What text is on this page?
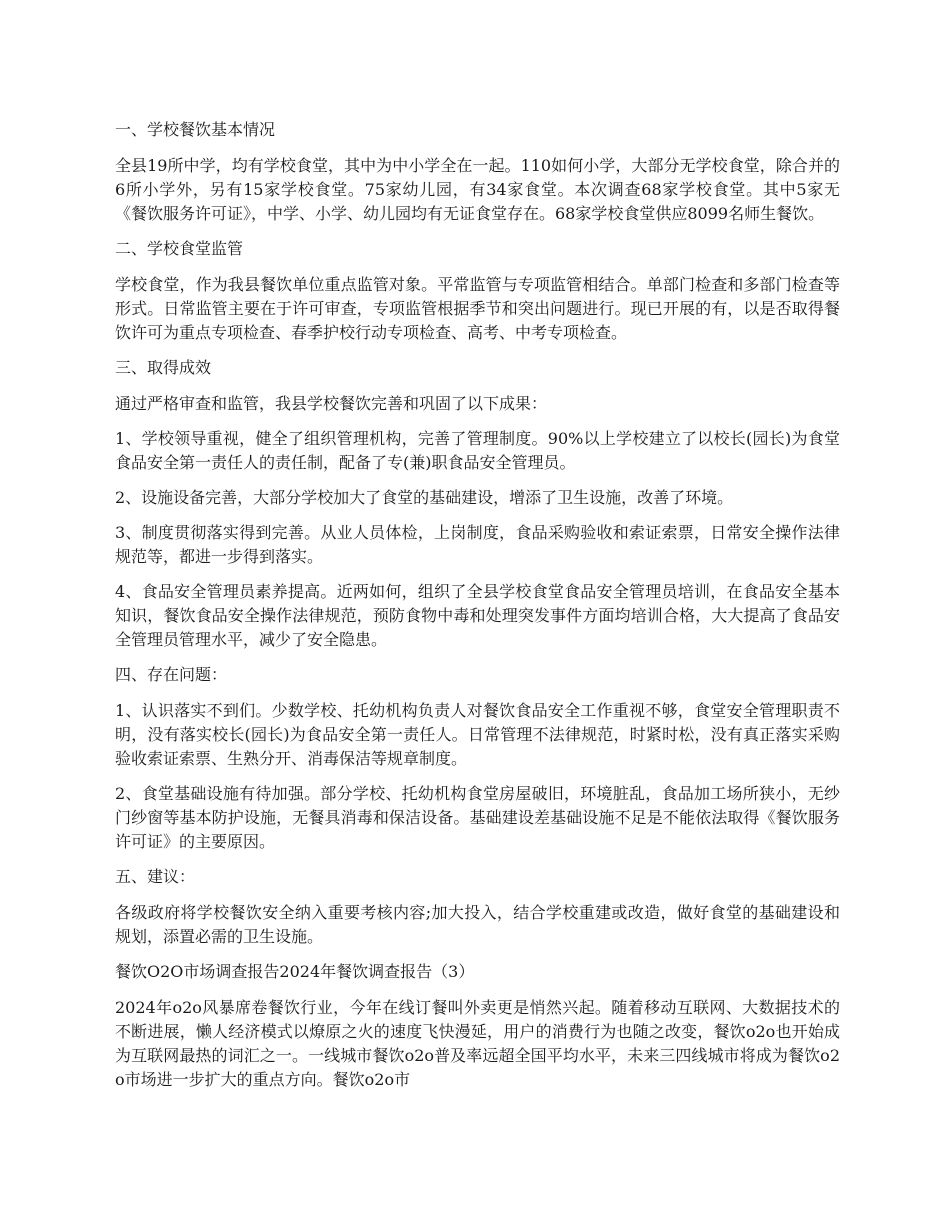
一、学校餐饮基本情况

全县19所中学，均有学校食堂，其中为中小学全在一起。110如何小学，大部分无学校食堂，除合并的6所小学外，另有15家学校食堂。75家幼儿园，有34家食堂。本次调查68家学校食堂。其中5家无《餐饮服务许可证》，中学、小学、幼儿园均有无证食堂存在。68家学校食堂供应8099名师生餐饮。

二、学校食堂监管

学校食堂，作为我县餐饮单位重点监管对象。平常监管与专项监管相结合。单部门检查和多部门检查等形式。日常监管主要在于许可审查，专项监管根据季节和突出问题进行。现已开展的有，以是否取得餐饮许可为重点专项检查、春季护校行动专项检查、高考、中考专项检查。

三、取得成效

通过严格审查和监管，我县学校餐饮完善和巩固了以下成果：

1、学校领导重视，健全了组织管理机构，完善了管理制度。90%以上学校建立了以校长(园长)为食堂食品安全第一责任人的责任制，配备了专(兼)职食品安全管理员。

2、设施设备完善，大部分学校加大了食堂的基础建设，增添了卫生设施，改善了环境。

3、制度贯彻落实得到完善。从业人员体检，上岗制度，食品采购验收和索证索票，日常安全操作法律规范等，都进一步得到落实。

4、食品安全管理员素养提高。近两如何，组织了全县学校食堂食品安全管理员培训，在食品安全基本知识，餐饮食品安全操作法律规范，预防食物中毒和处理突发事件方面均培训合格，大大提高了食品安全管理员管理水平，减少了安全隐患。

四、存在问题：

1、认识落实不到们。少数学校、托幼机构负责人对餐饮食品安全工作重视不够，食堂安全管理职责不明，没有落实校长(园长)为食品安全第一责任人。日常管理不法律规范，时紧时松，没有真正落实采购验收索证索票、生熟分开、消毒保洁等规章制度。

2、食堂基础设施有待加强。部分学校、托幼机构食堂房屋破旧，环境脏乱，食品加工场所狭小，无纱门纱窗等基本防护设施，无餐具消毒和保洁设备。基础建设差基础设施不足是不能依法取得《餐饮服务许可证》的主要原因。

五、建议：

各级政府将学校餐饮安全纳入重要考核内容;加大投入，结合学校重建或改造，做好食堂的基础建设和规划，添置必需的卫生设施。

餐饮O2O市场调查报告2024年餐饮调查报告（3）

2024年o2o风暴席卷餐饮行业，今年在线订餐叫外卖更是悄然兴起。随着移动互联网、大数据技术的不断进展，懒人经济模式以燎原之火的速度飞快漫延，用户的消费行为也随之改变，餐饮o2o也开始成为互联网最热的词汇之一。一线城市餐饮o2o普及率远超全国平均水平，未来三四线城市将成为餐饮o2o市场进一步扩大的重点方向。餐饮o2o市
